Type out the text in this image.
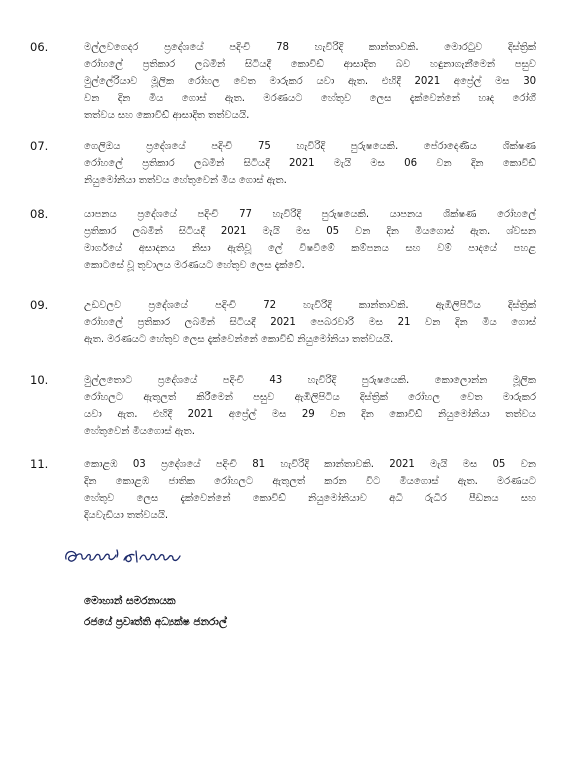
06.	මල්ලවගෙදර ප්‍රදේශයේ පදිංචි 78 හැවිරිදි කාන්තාවකි. මොරටුව දිස්ත්‍රික්
රෝහලේ ප්‍රතිකාර ලබමින් සිටියදී කොවිඩ් ආසාදිත බව හඳුනාගැනීමෙන් පසුව
මුල්ලේරියාව මූලික රෝහල වෙත මාරුකර යවා ඇත. එහිදී 2021 අප්‍රේල් මස 30
වන දින මිය ගොස් ඇත. මරණයට හේතුව ලෙස දැක්වෙන්නේ හෘද රෝගී
තත්වය සහ කොවිඩ් ආසාදිත තත්වයයි.
07.	ගෙලිඔය ප්‍රදේශයේ පදිංචි 75 හැවිරිදි පුරුෂයෙකි. පේරාදෙණිය ශික්ෂණ
රෝහලේ ප්‍රතිකාර ලබමින් සිටියදී 2021 මැයි මස 06 වන දින කොවිඩ්
නියුමෝනියා තත්වය හේතුවෙන් මිය ගොස් ඇත.
08.	යාපනය ප්‍රදේශයේ පදිංචි 77 හැවිරිදි පුරුෂයෙකි. යාපනය ශික්ෂණ රෝහලේ
ප්‍රතිකාර ලබමින් සිටියදී 2021 මැයි මස 05 වන දින මියගොස් ඇත. ශ්වසන
මාර්ගයේ අසාදනය නිසා ඇතිවූ ලේ විෂවීමේ කම්පනය සහ වම් පාදයේ පහළ
කොටසේ වූ තුවාලය මරණයට හේතුව ලෙස දැක්වේ.
09.	උඩවලව ප්‍රදේශයේ පදිංචි 72 හැවිරිදි කාන්තාවකි. ඇඹිලිපිටිය දිස්ත්‍රික්
රෝහලේ ප්‍රතිකාර ලබමින් සිටියදී 2021 පෙබරවාරි මස 21 වන දින මිය ගොස්
ඇත. මරණයට හේතුව ලෙස දැක්වෙන්නේ කොවිඩ් නියුමෝනියා තත්වයයි.
10.	මුල්ලතොට ප්‍රදේශයේ පදිංචි 43 හැවිරිදි පුරුෂයෙකි. කොලොන්න මූලික
රෝහලට ඇතුලත් කිරීමෙන් පසුව ඇඹිලිපිටිය දිස්ත්‍රික් රෝහල වෙත මාරුකර
යවා ඇත. එහිදී 2021 අප්‍රේල් මස 29 වන දින කොවිඩ් නියුමෝනියා තත්වය
හේතුවෙන් මියගොස් ඇත.
11.	කොළඹ 03 ප්‍රදේශයේ පදිංචි 81 හැවිරිදි කාන්තාවකි. 2021 මැයි මස 05 වන
දින කොළඹ ජාතික රෝහලට ඇතුලත් කරන විට මියගොස් ඇත. මරණයට
හේතුව ලෙස දැක්වෙන්නේ කොවිඩ් නියුමෝනියාව අධි රුධිර පීඩනය සහ
දියවැඩියා තත්වයයි.
මොහාන් සමරනායක
රජයේ ප්‍රවෘත්ති අධ්‍යක්ෂ ජනරාල්
